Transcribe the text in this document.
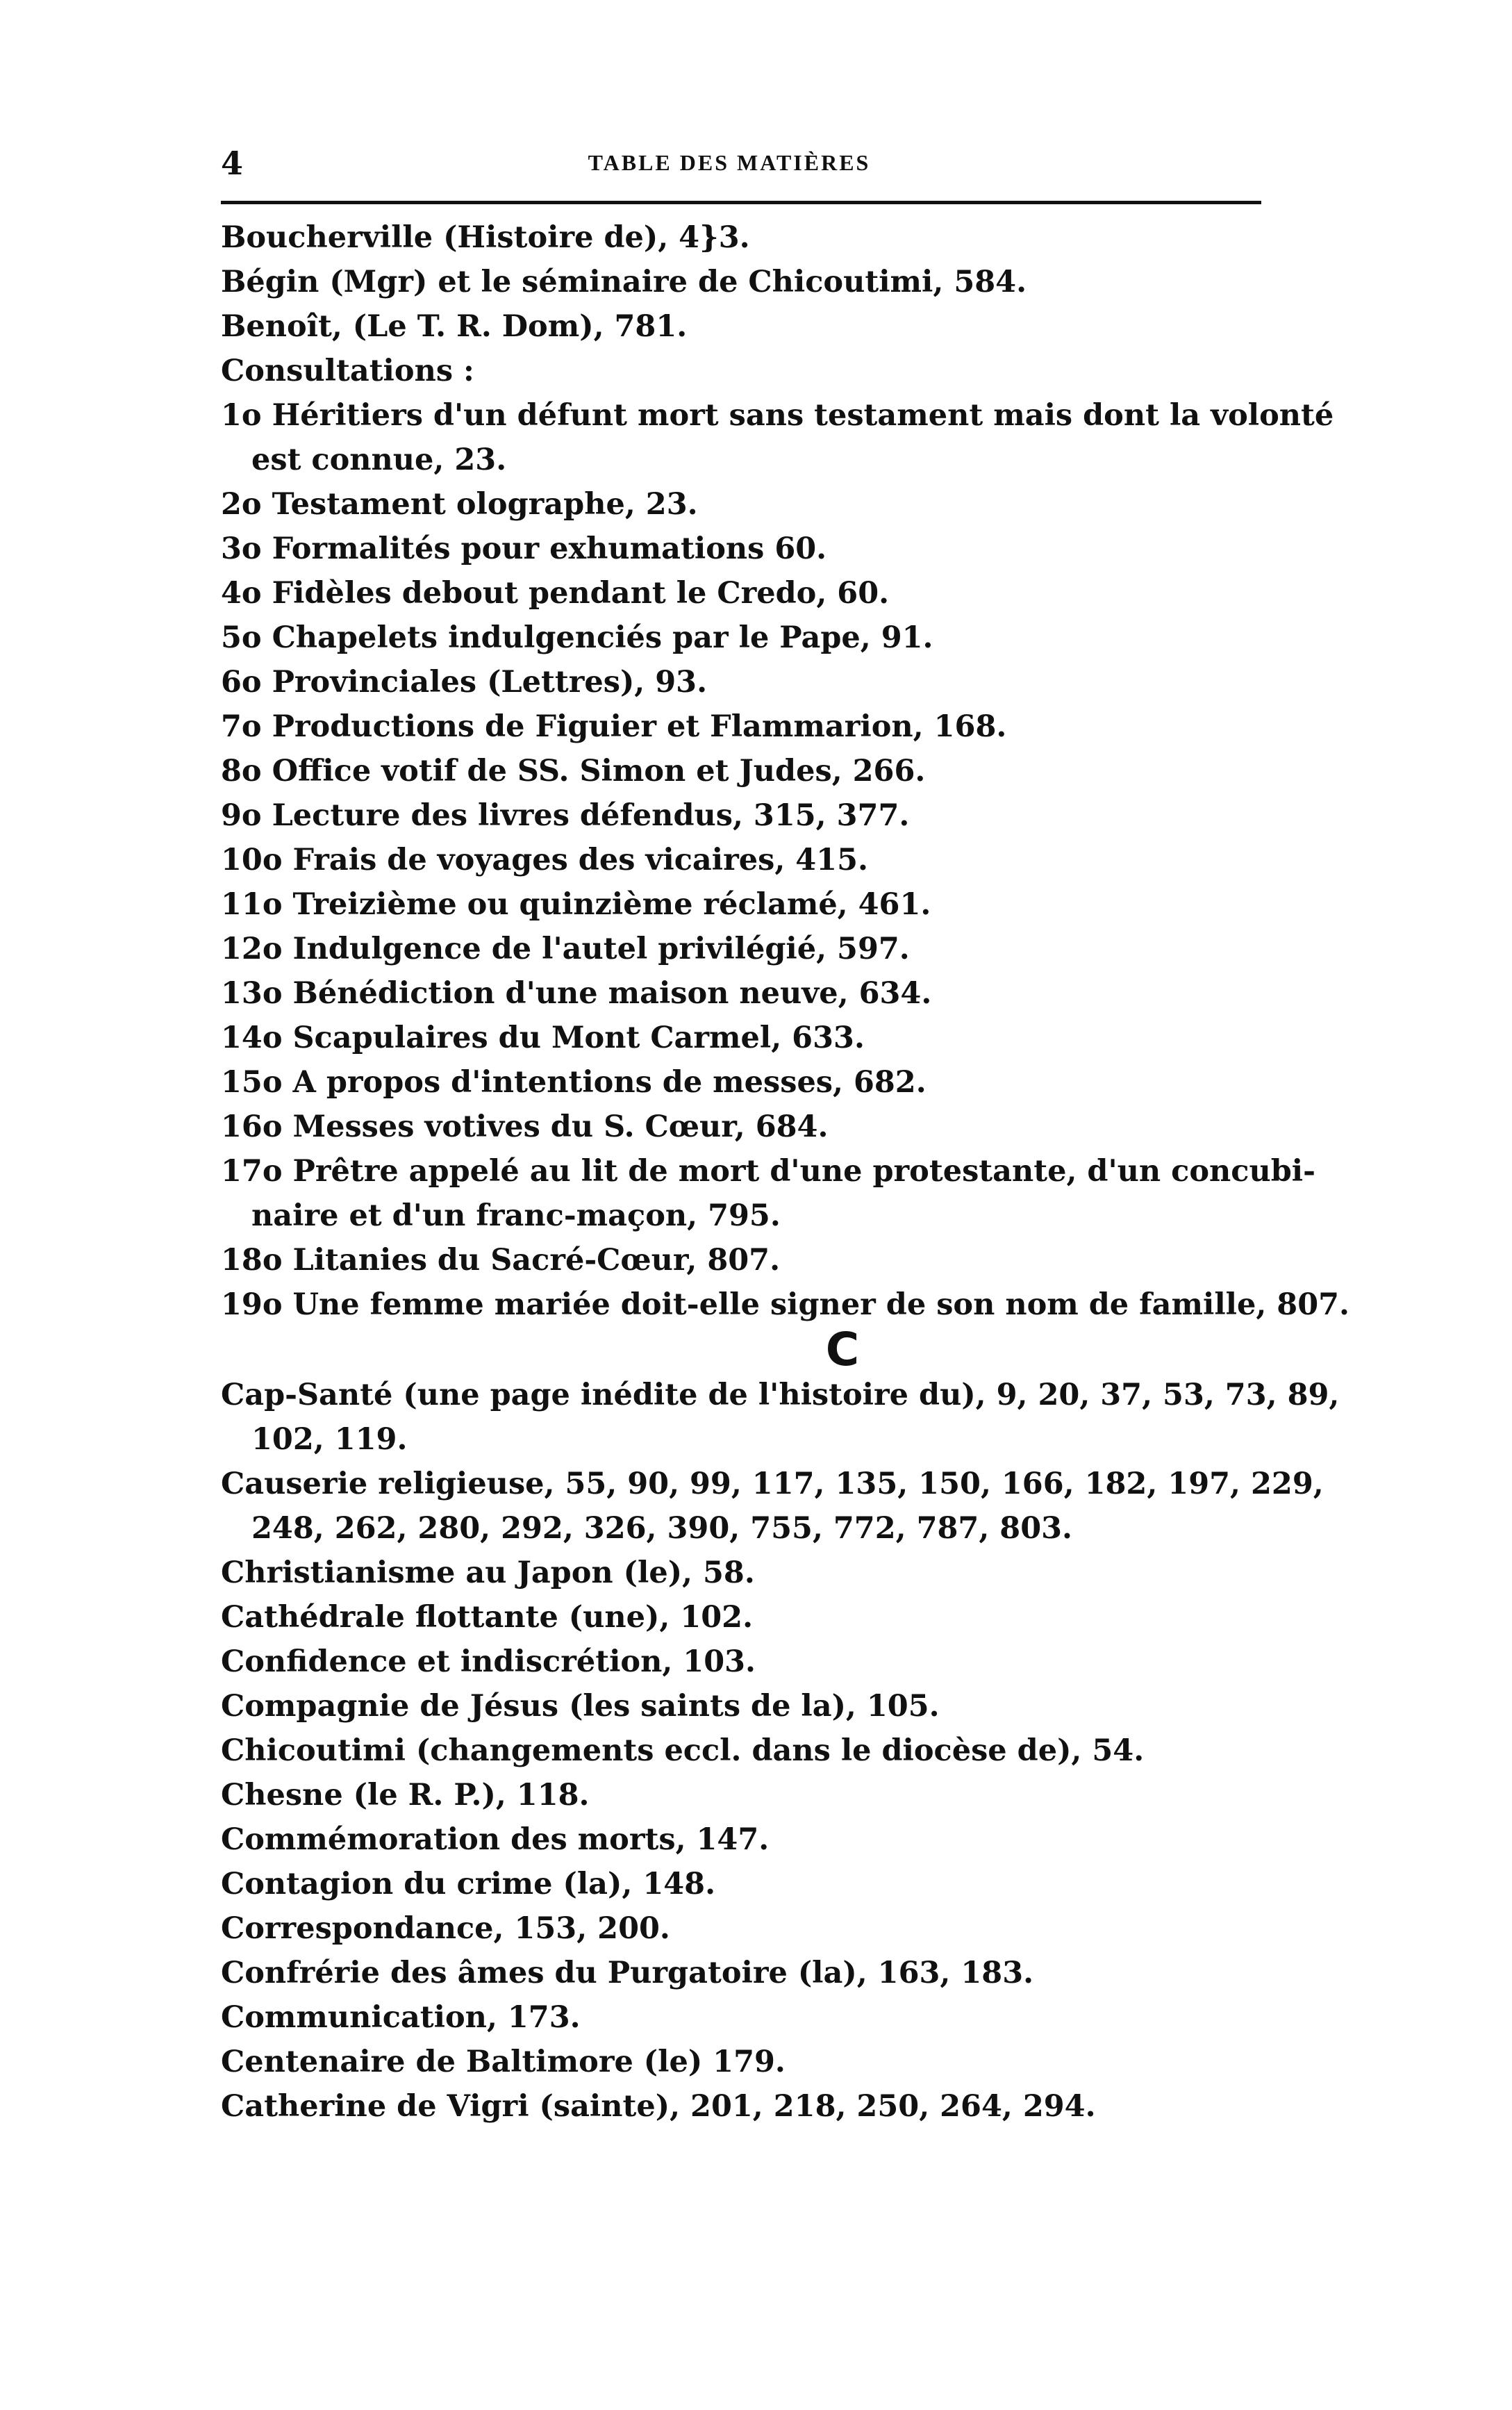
4	TABLE DES MATIÈRES
Boucherville (Histoire de), 4}3.
Bégin (Mgr) et le séminaire de Chicoutimi, 584.
Benoît, (Le T. R. Dom), 781.
Consultations :
1o Héritiers d'un défunt mort sans testament mais dont la volonté
est connue, 23.
2o Testament olographe, 23.
3o Formalités pour exhumations 60.
4o Fidèles debout pendant le Credo, 60.
5o Chapelets indulgenciés par le Pape, 91.
6o Provinciales (Lettres), 93.
7o Productions de Figuier et Flammarion, 168.
8o Office votif de SS. Simon et Judes, 266.
9o Lecture des livres défendus, 315, 377.
10o Frais de voyages des vicaires, 415.
11o Treizième ou quinzième réclamé, 461.
12o Indulgence de l'autel privilégié, 597.
13o Bénédiction d'une maison neuve, 634.
14o Scapulaires du Mont Carmel, 633.
15o A propos d'intentions de messes, 682.
16o Messes votives du S. Cœur, 684.
17o Prêtre appelé au lit de mort d'une protestante, d'un concubi-
naire et d'un franc-maçon, 795.
18o Litanies du Sacré-Cœur, 807.
19o Une femme mariée doit-elle signer de son nom de famille, 807.
C
Cap-Santé (une page inédite de l'histoire du), 9, 20, 37, 53, 73, 89,
102, 119.
Causerie religieuse, 55, 90, 99, 117, 135, 150, 166, 182, 197, 229,
248, 262, 280, 292, 326, 390, 755, 772, 787, 803.
Christianisme au Japon (le), 58.
Cathédrale flottante (une), 102.
Confidence et indiscrétion, 103.
Compagnie de Jésus (les saints de la), 105.
Chicoutimi (changements eccl. dans le diocèse de), 54.
Chesne (le R. P.), 118.
Commémoration des morts, 147.
Contagion du crime (la), 148.
Correspondance, 153, 200.
Confrérie des âmes du Purgatoire (la), 163, 183.
Communication, 173.
Centenaire de Baltimore (le) 179.
Catherine de Vigri (sainte), 201, 218, 250, 264, 294.
